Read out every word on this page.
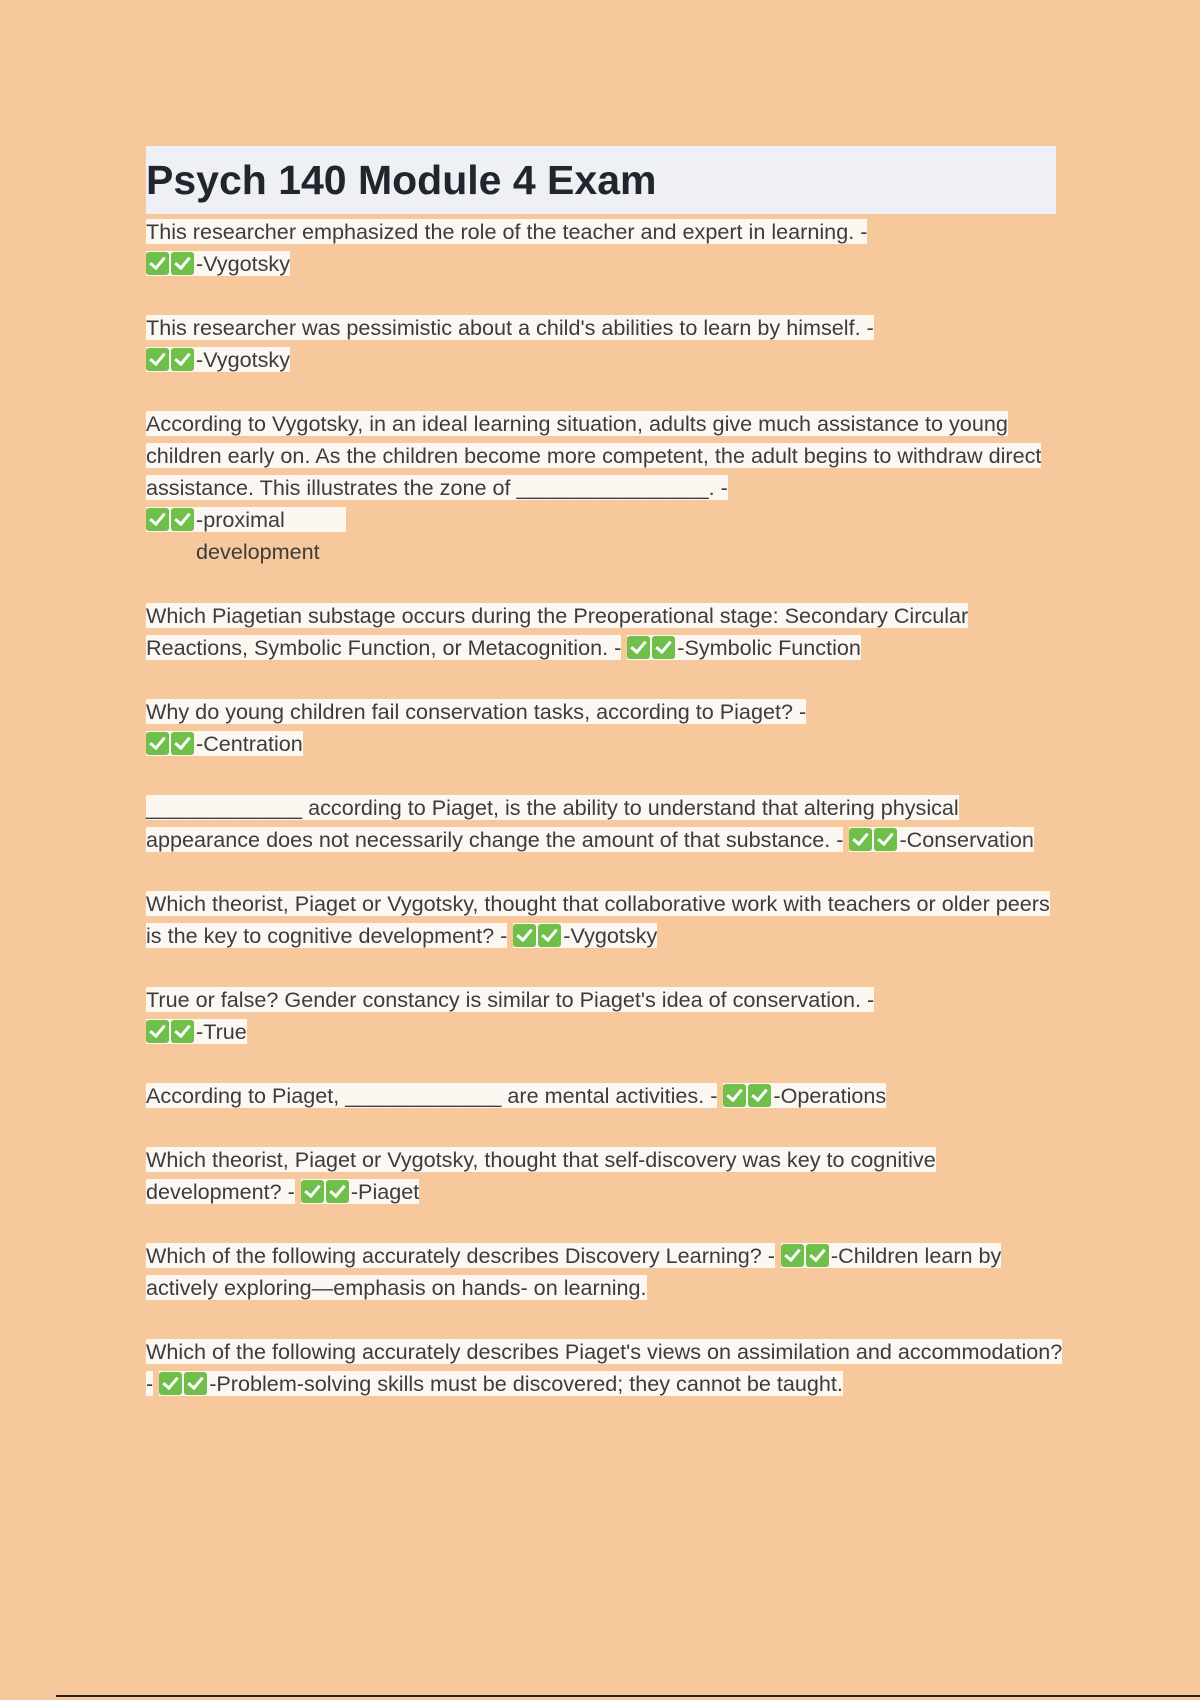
Psych 140 Module 4 Exam
This researcher emphasized the role of the teacher and expert in learning. -
-Vygotsky
This researcher was pessimistic about a child's abilities to learn by himself. -
-Vygotsky
According to Vygotsky, in an ideal learning situation, adults give much assistance to young children early on. As the children become more competent, the adult begins to withdraw direct assistance. This illustrates the zone of ________________. -
-proximal development
Which Piagetian substage occurs during the Preoperational stage: Secondary Circular Reactions, Symbolic Function, or Metacognition. -	-Symbolic Function
Why do young children fail conservation tasks, according to Piaget? -
-Centration
_____________ according to Piaget, is the ability to understand that altering physical appearance does not necessarily change the amount of that substance. -	-Conservation
Which theorist, Piaget or Vygotsky, thought that collaborative work with teachers or older peers is the key to cognitive development? -	-Vygotsky
True or false? Gender constancy is similar to Piaget's idea of conservation. -
-True
According to Piaget, _____________ are mental activities. -	-Operations
Which theorist, Piaget or Vygotsky, thought that self-discovery was key to cognitive development? -	-Piaget
Which of the following accurately describes Discovery Learning? -	-Children learn by actively exploring—emphasis on hands- on learning.
Which of the following accurately describes Piaget's views on assimilation and accommodation? -	-Problem-solving skills must be discovered; they cannot be taught.
